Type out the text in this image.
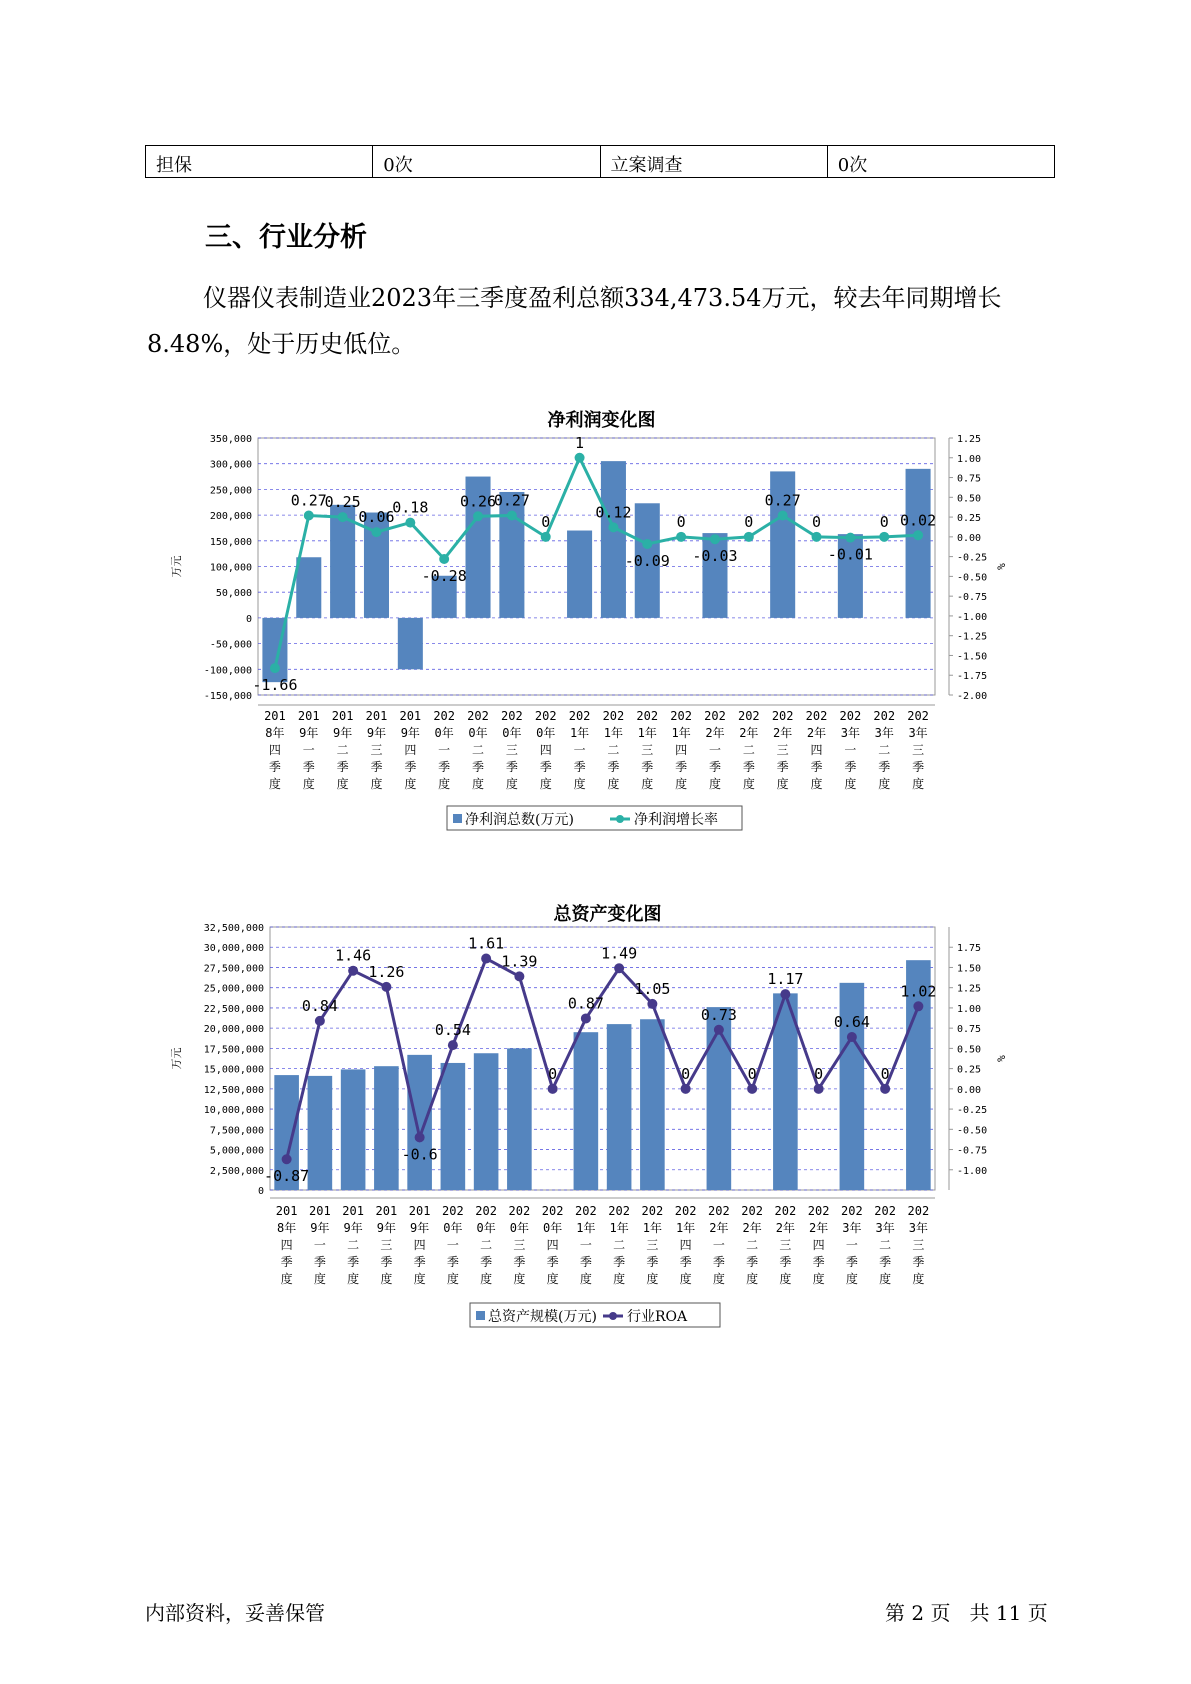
担保	0次	立案调查	0次
三、行业分析

仪器仪表制造业2023年三季度盈利总额334,473.54万元，较去年同期增长8.48%，处于历史低位。

净利润变化图
350,000
300,000
250,000
200,000
150,000
100,000
50,000
0
-50,000
-100,000
-150,000
1.25
1.00
0.75
0.50
0.25
0.00
-0.25
-0.50
-0.75
-1.00
-1.25
-1.50
-1.75
-2.00
万元	%
-1.66
0.27
0.25
0.06
0.18
-0.28
0.26
0.27
0
1
0.12
-0.09
0
-0.03
0
0.27
0
-0.01
0 0.02
201
8年
四
季
度
201
9年
一
季
度
201
9年
二
季
度
201
9年
三
季
度
201
9年
四
季
度
202
0年
一
季
度
202
0年
二
季
度
202
0年
三
季
度
202
0年
四
季
度
202
1年
一
季
度
202
1年
二
季
度
202
1年
三
季
度
202
1年
四
季
度
202
2年
一
季
度
202
2年
二
季
度
202
2年
三
季
度
202
2年
四
季
度
202
3年
一
季
度
202
3年
二
季
度
202
3年
三
季
度
净利润总数(万元)	净利润增长率
总资产变化图
32,500,000
30,000,000
27,500,000
25,000,000
22,500,000
20,000,000
17,500,000
15,000,000
12,500,000
10,000,000
7,500,000
5,000,000
2,500,000
0
1.75
1.50
1.25
1.00
0.75
0.50
0.25
0.00
-0.25
-0.50
-0.75
-1.00
万元	%
-0.87
0.84
1.46
1.26
-0.6
0.54
1.61
1.39
0
0.87
1.49
1.05
0
0.73
0
1.17
0
0.64
0
1.02
201
8年
四
季
度
201
9年
一
季
度
201
9年
二
季
度
201
9年
三
季
度
201
9年
四
季
度
202
0年
一
季
度
202
0年
二
季
度
202
0年
三
季
度
202
0年
四
季
度
202
1年
一
季
度
202
1年
二
季
度
202
1年
三
季
度
202
1年
四
季
度
202
2年
一
季
度
202
2年
二
季
度
202
2年
三
季
度
202
2年
四
季
度
202
3年
一
季
度
202
3年
二
季
度
202
3年
三
季
度
总资产规模(万元) 行业ROA
内部资料，妥善保管	第 2 页 共 11 页
